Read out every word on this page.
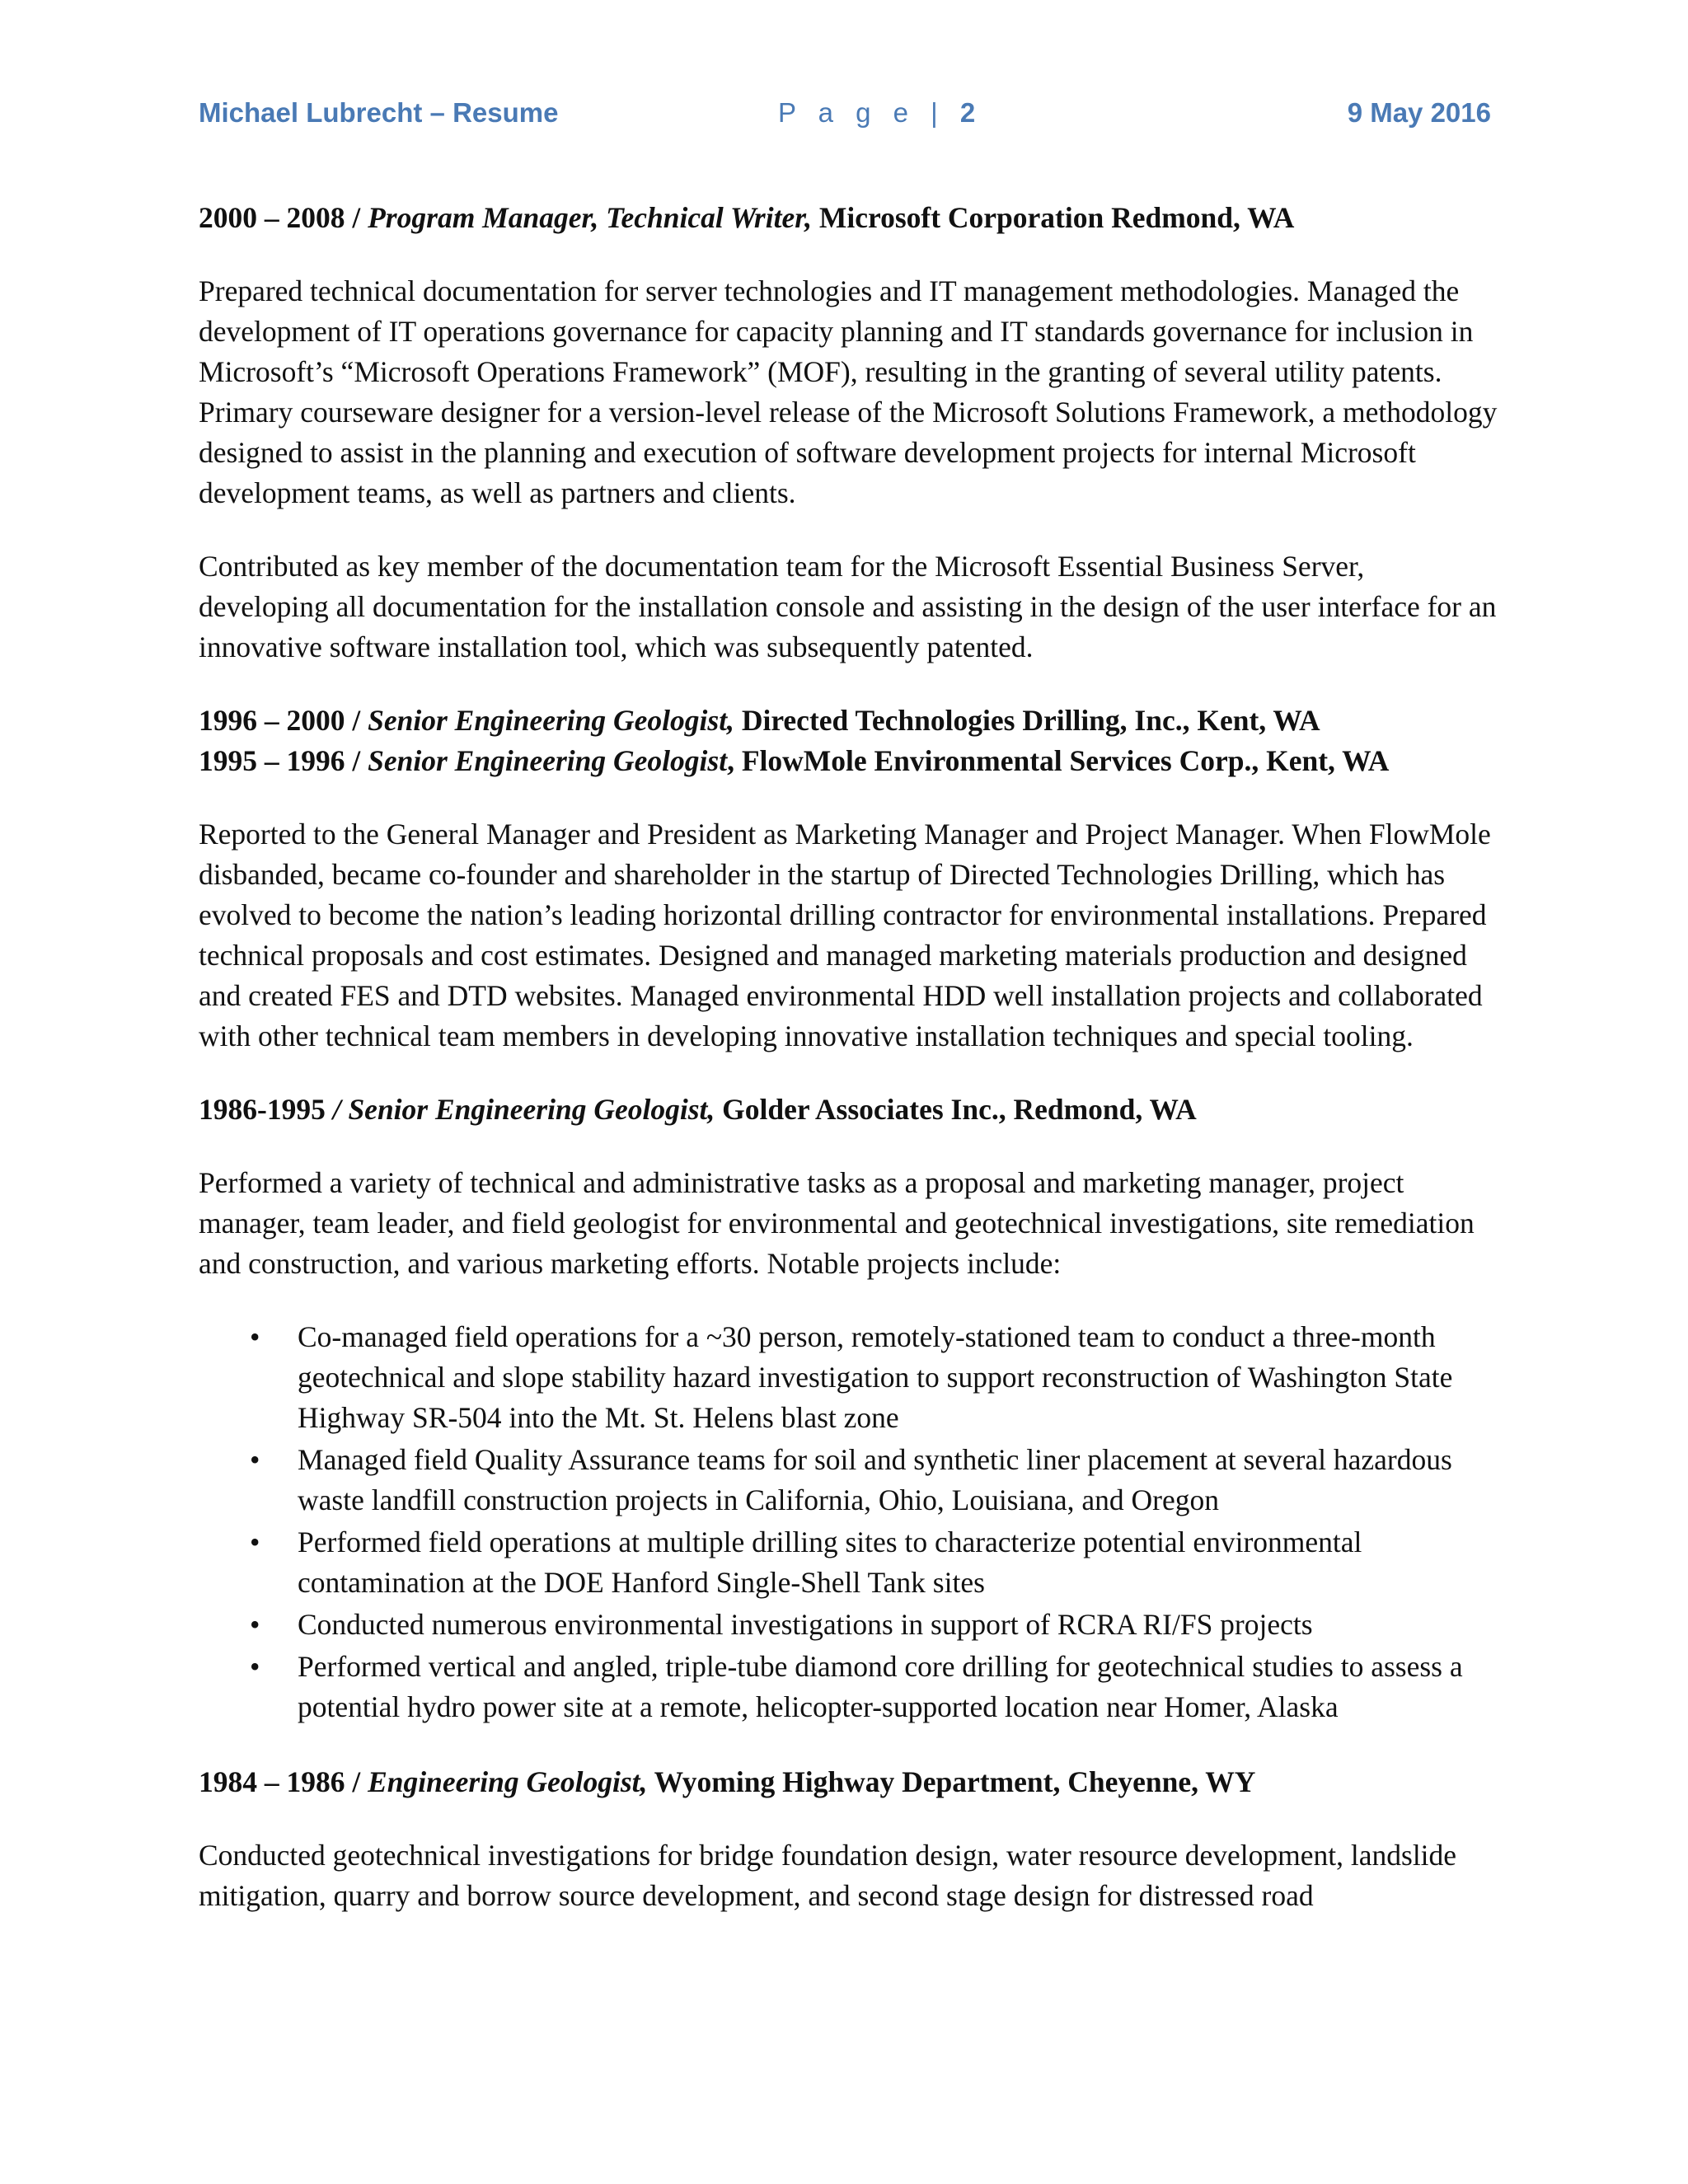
Michael Lubrecht – Resume	P a g e | 2	9 May 2016

2000 – 2008 / Program Manager, Technical Writer, Microsoft Corporation Redmond, WA

Prepared technical documentation for server technologies and IT management methodologies. Managed the development of IT operations governance for capacity planning and IT standards governance for inclusion in Microsoft’s “Microsoft Operations Framework” (MOF), resulting in the granting of several utility patents. Primary courseware designer for a version-level release of the Microsoft Solutions Framework, a methodology designed to assist in the planning and execution of software development projects for internal Microsoft development teams, as well as partners and clients.

Contributed as key member of the documentation team for the Microsoft Essential Business Server, developing all documentation for the installation console and assisting in the design of the user interface for an innovative software installation tool, which was subsequently patented.

1996 – 2000 / Senior Engineering Geologist, Directed Technologies Drilling, Inc., Kent, WA

1995 – 1996 / Senior Engineering Geologist, FlowMole Environmental Services Corp., Kent, WA

Reported to the General Manager and President as Marketing Manager and Project Manager. When FlowMole disbanded, became co-founder and shareholder in the startup of Directed Technologies Drilling, which has evolved to become the nation’s leading horizontal drilling contractor for environmental installations. Prepared technical proposals and cost estimates. Designed and managed marketing materials production and designed and created FES and DTD websites. Managed environmental HDD well installation projects and collaborated with other technical team members in developing innovative installation techniques and special tooling.

1986-1995 / Senior Engineering Geologist, Golder Associates Inc., Redmond, WA

Performed a variety of technical and administrative tasks as a proposal and marketing manager, project manager, team leader, and field geologist for environmental and geotechnical investigations, site remediation and construction, and various marketing efforts. Notable projects include:

• Co-managed field operations for a ~30 person, remotely-stationed team to conduct a three-month geotechnical and slope stability hazard investigation to support reconstruction of Washington State Highway SR-504 into the Mt. St. Helens blast zone
• Managed field Quality Assurance teams for soil and synthetic liner placement at several hazardous waste landfill construction projects in California, Ohio, Louisiana, and Oregon
• Performed field operations at multiple drilling sites to characterize potential environmental contamination at the DOE Hanford Single-Shell Tank sites
• Conducted numerous environmental investigations in support of RCRA RI/FS projects
• Performed vertical and angled, triple-tube diamond core drilling for geotechnical studies to assess a potential hydro power site at a remote, helicopter-supported location near Homer, Alaska

1984 – 1986 / Engineering Geologist, Wyoming Highway Department, Cheyenne, WY

Conducted geotechnical investigations for bridge foundation design, water resource development, landslide mitigation, quarry and borrow source development, and second stage design for distressed road
